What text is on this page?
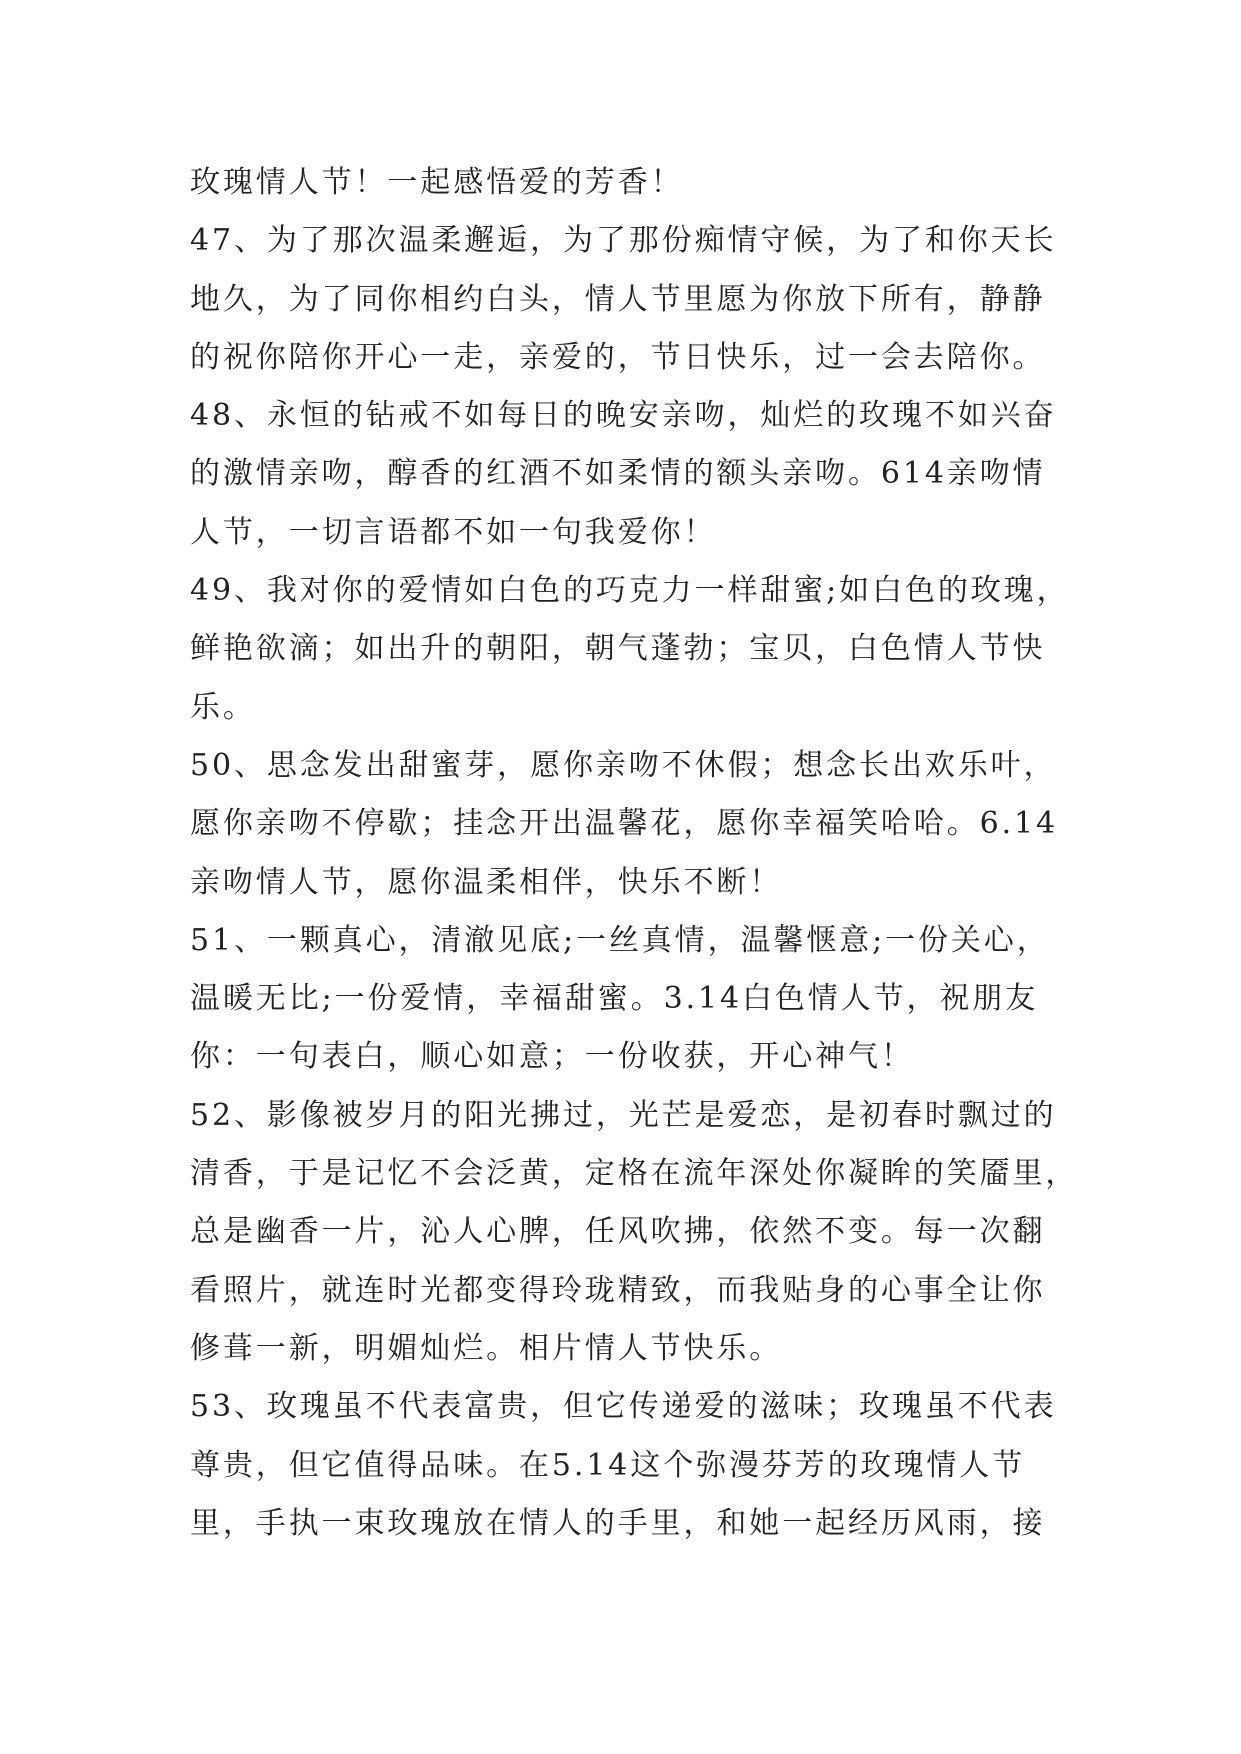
玫瑰情人节！一起感悟爱的芳香！
47、为了那次温柔邂逅，为了那份痴情守候，为了和你天长
地久，为了同你相约白头，情人节里愿为你放下所有，静静
的祝你陪你开心一走，亲爱的，节日快乐，过一会去陪你。
48、永恒的钻戒不如每日的晚安亲吻，灿烂的玫瑰不如兴奋
的激情亲吻，醇香的红酒不如柔情的额头亲吻。614亲吻情
人节，一切言语都不如一句我爱你！
49、我对你的爱情如白色的巧克力一样甜蜜;如白色的玫瑰，
鲜艳欲滴；如出升的朝阳，朝气蓬勃；宝贝，白色情人节快
乐。
50、思念发出甜蜜芽，愿你亲吻不休假；想念长出欢乐叶，
愿你亲吻不停歇；挂念开出温馨花，愿你幸福笑哈哈。6.14
亲吻情人节，愿你温柔相伴，快乐不断！
51、一颗真心，清澈见底;一丝真情，温馨惬意;一份关心，
温暖无比;一份爱情，幸福甜蜜。3.14白色情人节，祝朋友
你：一句表白，顺心如意；一份收获，开心神气！
52、影像被岁月的阳光拂过，光芒是爱恋，是初春时飘过的
清香，于是记忆不会泛黄，定格在流年深处你凝眸的笑靥里，
总是幽香一片，沁人心脾，任风吹拂，依然不变。每一次翻
看照片，就连时光都变得玲珑精致，而我贴身的心事全让你
修葺一新，明媚灿烂。相片情人节快乐。
53、玫瑰虽不代表富贵，但它传递爱的滋味；玫瑰虽不代表
尊贵，但它值得品味。在5.14这个弥漫芬芳的玫瑰情人节
里，手执一束玫瑰放在情人的手里，和她一起经历风雨，接
